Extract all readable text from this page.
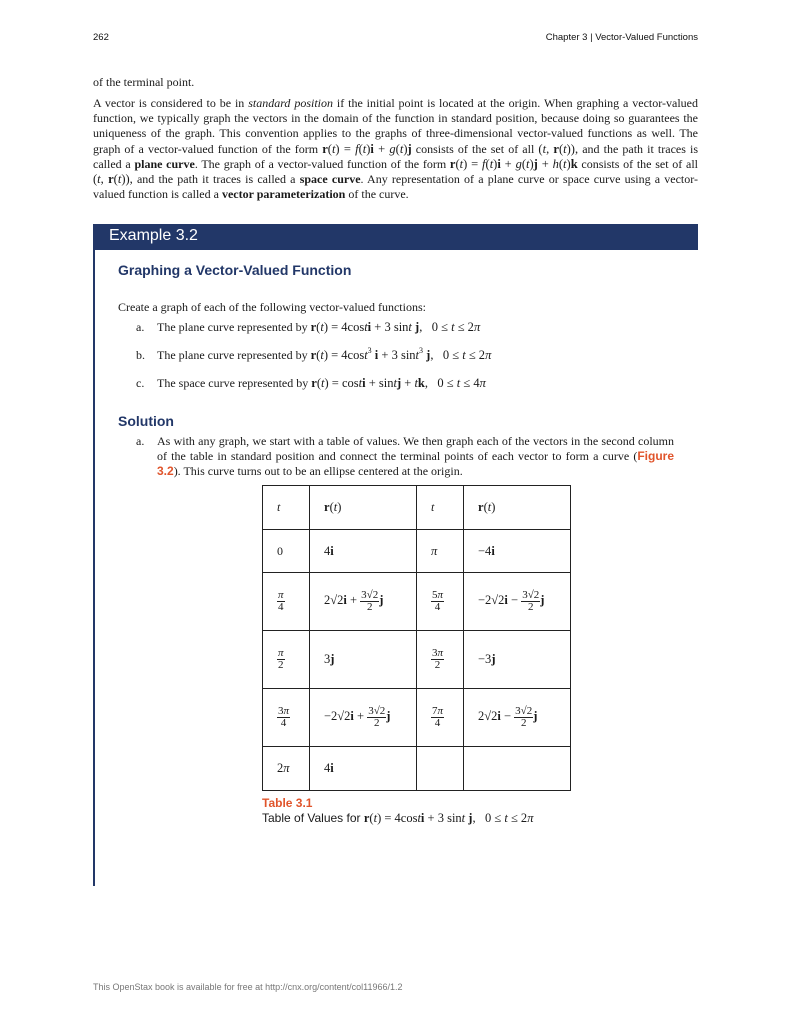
262	Chapter 3 | Vector-Valued Functions
of the terminal point.
A vector is considered to be in standard position if the initial point is located at the origin. When graphing a vector-valued function, we typically graph the vectors in the domain of the function in standard position, because doing so guarantees the uniqueness of the graph. This convention applies to the graphs of three-dimensional vector-valued functions as well. The graph of a vector-valued function of the form r(t) = f(t)i + g(t)j consists of the set of all (t, r(t)), and the path it traces is called a plane curve. The graph of a vector-valued function of the form r(t) = f(t)i + g(t)j + h(t)k consists of the set of all (t, r(t)), and the path it traces is called a space curve. Any representation of a plane curve or space curve using a vector-valued function is called a vector parameterization of the curve.
Example 3.2
Graphing a Vector-Valued Function
Create a graph of each of the following vector-valued functions:
a. The plane curve represented by r(t) = 4costi + 3 sint j,   0 ≤ t ≤ 2π
b. The plane curve represented by r(t) = 4cost$^3$ i + 3 sint$^3$ j,   0 ≤ t ≤ 2π
c. The space curve represented by r(t) = costi + sintj + tk,   0 ≤ t ≤ 4π
Solution
a. As with any graph, we start with a table of values. We then graph each of the vectors in the second column of the table in standard position and connect the terminal points of each vector to form a curve (Figure 3.2). This curve turns out to be an ellipse centered at the origin.
t	r(t)	t	r(t)
0	4i	π	−4i

$\frac{\pi}{4}$	$2√2i + \frac{3√2}{2}$ j	$\frac{5\pi}{4}$	$-2√2i - \frac{3√2}{2}$ j

$\frac{\pi}{2}$	3j	$\frac{3\pi}{2}$	−3j

$\frac{3\pi}{4}$	$-2√2i + \frac{3√2}{2}$ j	$\frac{7\pi}{4}$	$2√2i - \frac{3√2}{2}$ j
2π	4i		
Table 3.1
Table of Values for r(t) = 4costi + 3 sint j,   0 ≤ t ≤ 2π
This OpenStax book is available for free at http://cnx.org/content/col11966/1.2
